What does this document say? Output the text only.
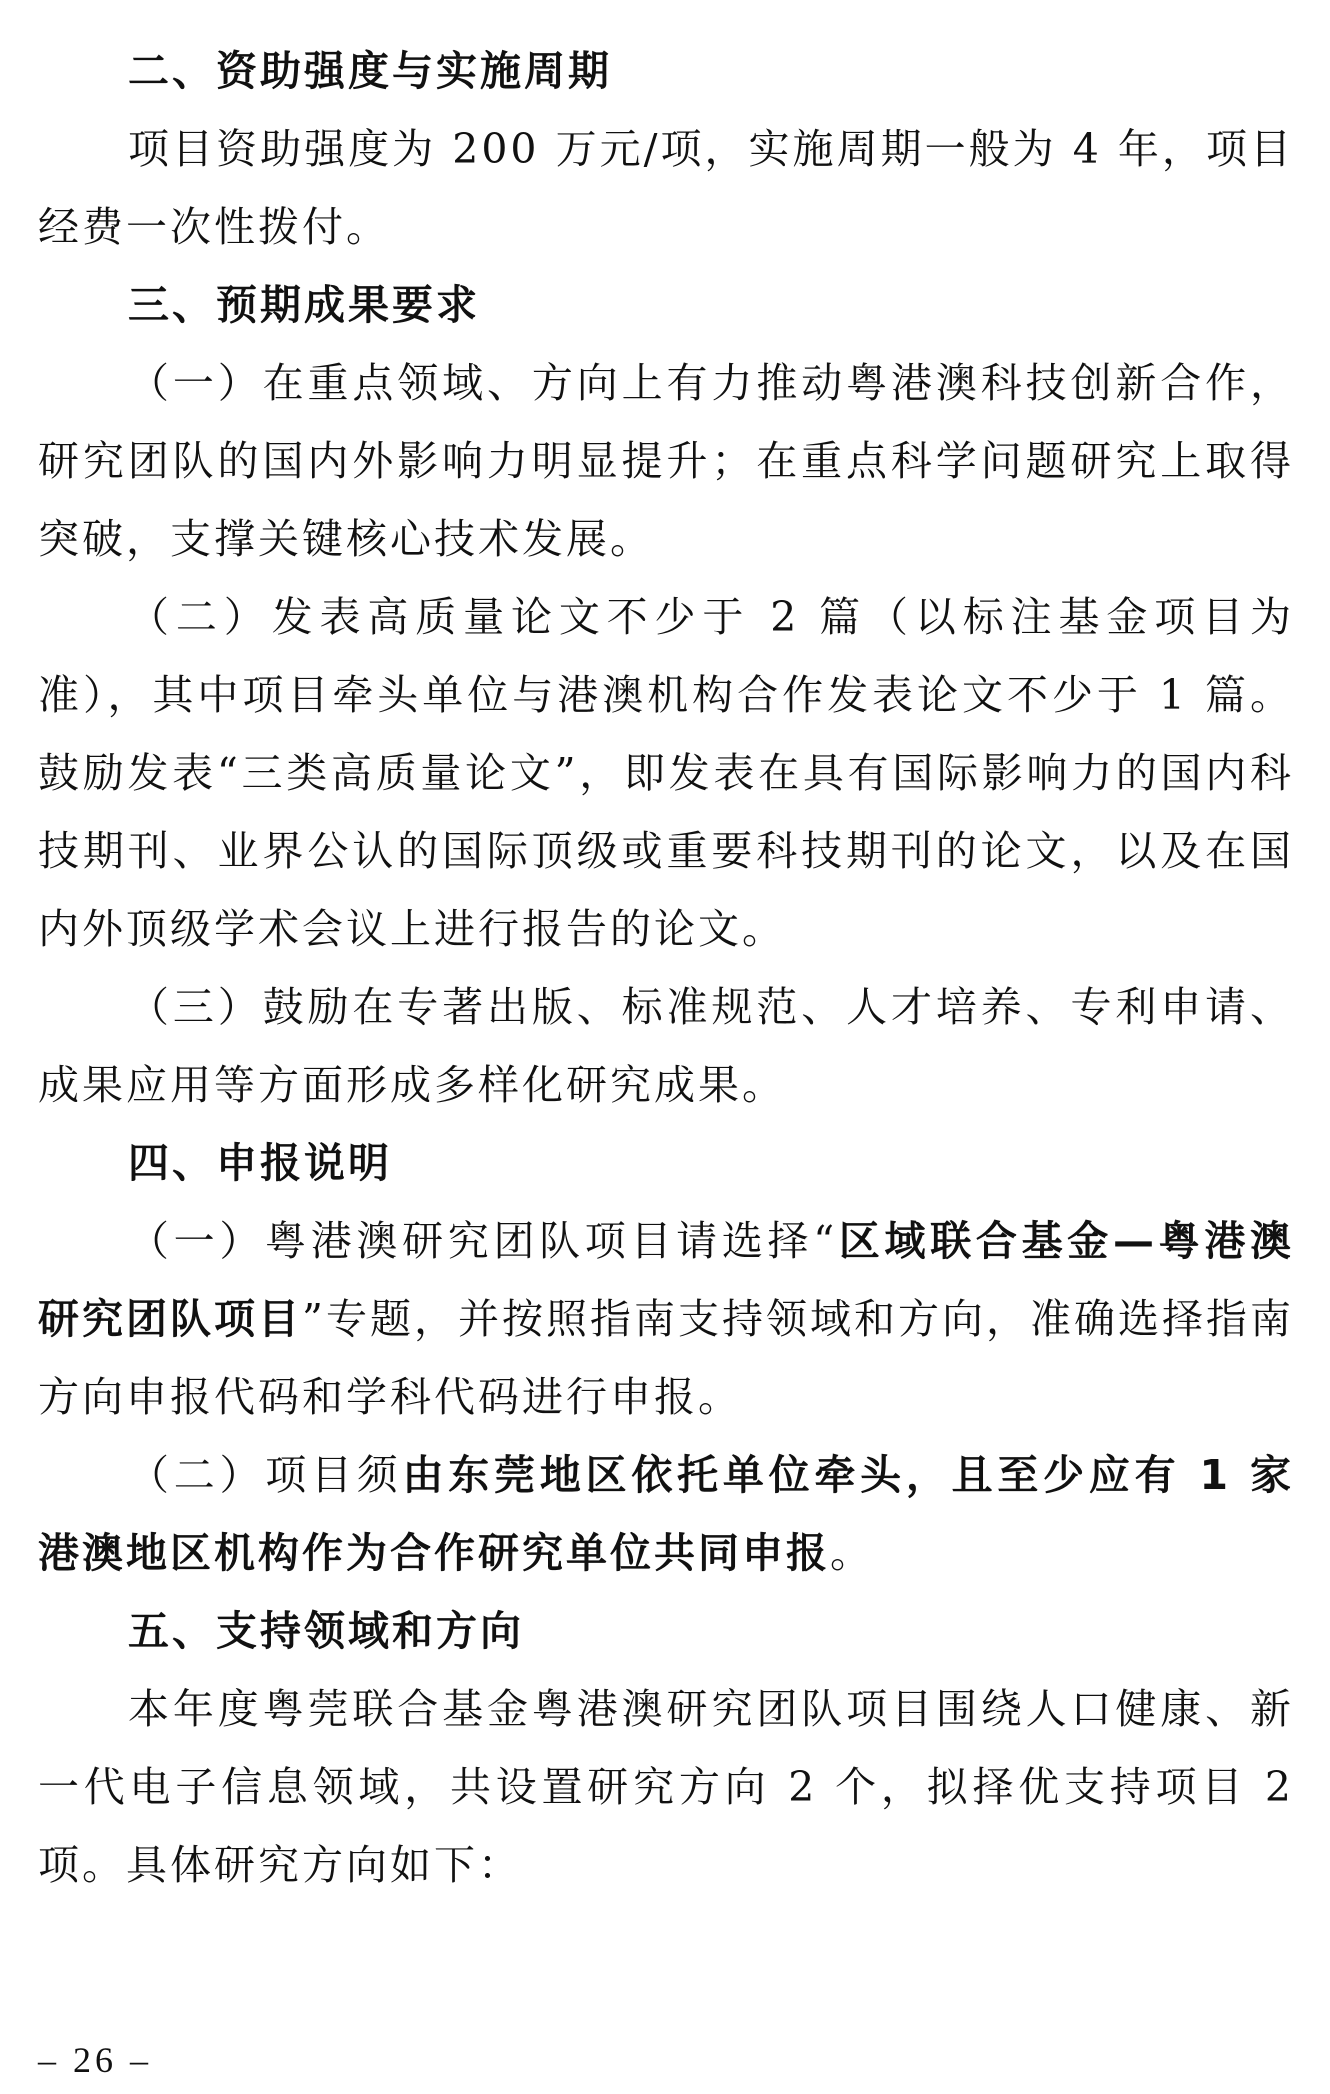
二、资助强度与实施周期

项目资助强度为 200 万元/项，实施周期一般为 4 年，项目经费一次性拨付。

三、预期成果要求

（一）在重点领域、方向上有力推动粤港澳科技创新合作，研究团队的国内外影响力明显提升；在重点科学问题研究上取得突破，支撑关键核心技术发展。

（二）发表高质量论文不少于 2 篇（以标注基金项目为准），其中项目牵头单位与港澳机构合作发表论文不少于 1 篇。鼓励发表“三类高质量论文”，即发表在具有国际影响力的国内科技期刊、业界公认的国际顶级或重要科技期刊的论文，以及在国内外顶级学术会议上进行报告的论文。

（三）鼓励在专著出版、标准规范、人才培养、专利申请、成果应用等方面形成多样化研究成果。

四、申报说明

（一）粤港澳研究团队项目请选择“区域联合基金—粤港澳研究团队项目”专题，并按照指南支持领域和方向，准确选择指南方向申报代码和学科代码进行申报。

（二）项目须由东莞地区依托单位牵头，且至少应有 1 家港澳地区机构作为合作研究单位共同申报。

五、支持领域和方向

本年度粤莞联合基金粤港澳研究团队项目围绕人口健康、新一代电子信息领域，共设置研究方向 2 个，拟择优支持项目 2 项。具体研究方向如下：

– 26 –
